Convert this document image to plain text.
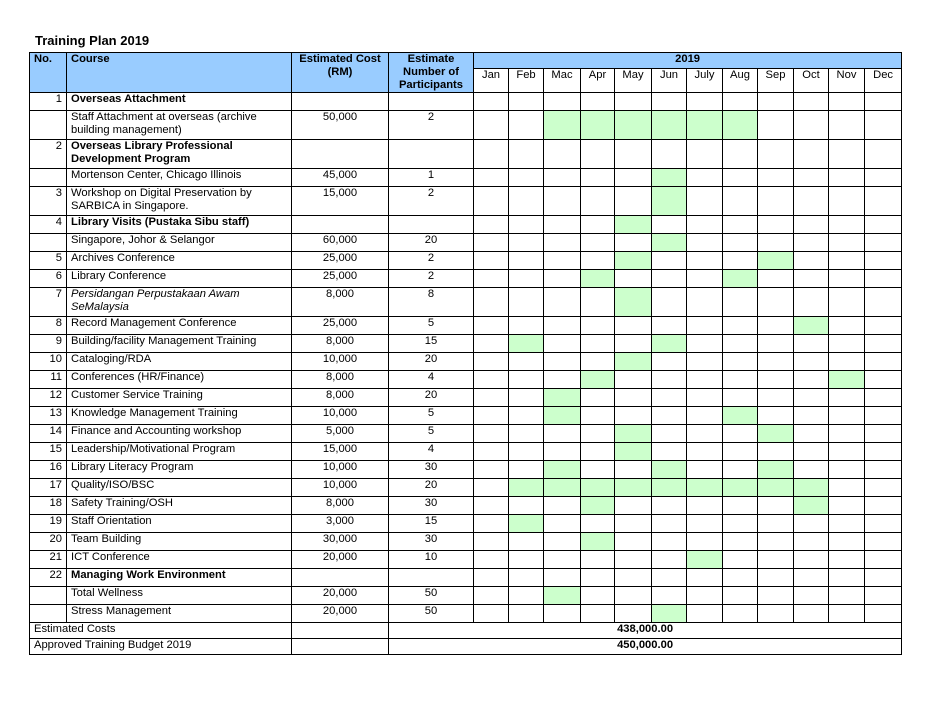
Training Plan 2019
No.	Course	Estimated Cost (RM)	Estimate Number of Participants	2019											
				Jan	Feb	Mac	Apr	May	Jun	July	Aug	Sep	Oct	Nov	Dec
1	Overseas Attachment														
	Staff Attachment at overseas (archive building management)	50,000	2												
2	Overseas Library Professional Development Program														
	Mortenson Center, Chicago Illinois	45,000	1												
3	Workshop on Digital Preservation by SARBICA in Singapore.	15,000	2												
4	Library Visits (Pustaka Sibu staff)														
	Singapore, Johor & Selangor	60,000	20												
5	Archives Conference	25,000	2												
6	Library Conference	25,000	2												
7	Persidangan Perpustakaan Awam SeMalaysia	8,000	8												
8	Record Management Conference	25,000	5												
9	Building/facility Management Training	8,000	15												
10	Cataloging/RDA	10,000	20												
11	Conferences (HR/Finance)	8,000	4												
12	Customer Service Training	8,000	20												
13	Knowledge Management Training	10,000	5												
14	Finance and Accounting workshop	5,000	5												
15	Leadership/Motivational Program	15,000	4												
16	Library Literacy Program	10,000	30												
17	Quality/ISO/BSC	10,000	20												
18	Safety Training/OSH	8,000	30												
19	Staff Orientation	3,000	15												
20	Team Building	30,000	30												
21	ICT Conference	20,000	10												
22	Managing Work Environment														
	Total Wellness	20,000	50												
	Stress Management	20,000	50												
Estimated Costs			438,000.00												
Approved Training Budget 2019			450,000.00												
